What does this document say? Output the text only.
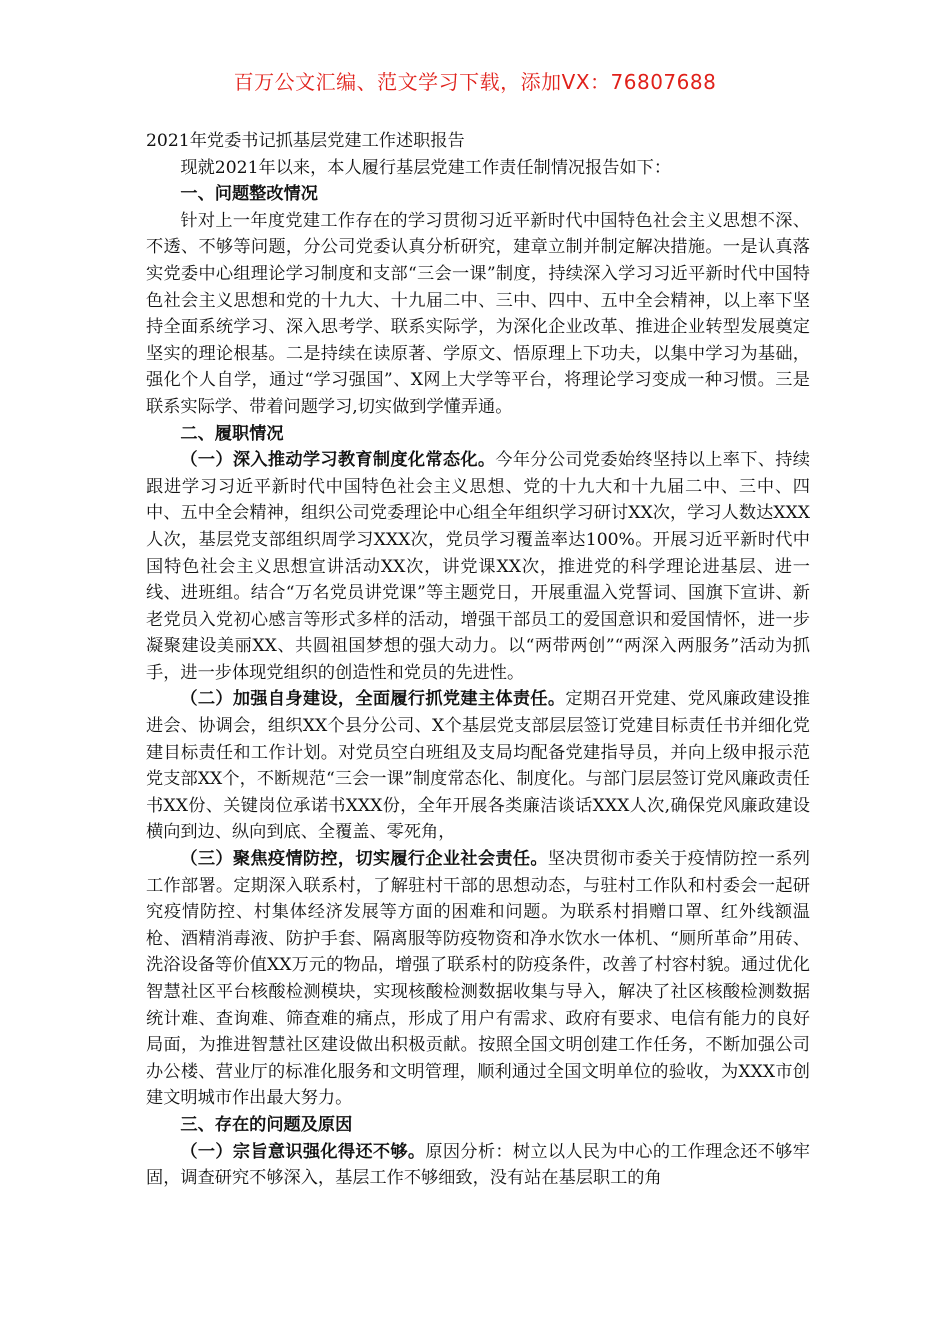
百万公文汇编、范文学习下载，添加VX：76807688

2021年党委书记抓基层党建工作述职报告

现就2021年以来，本人履行基层党建工作责任制情况报告如下：

一、问题整改情况

针对上一年度党建工作存在的学习贯彻习近平新时代中国特色社会主义思想不深、不透、不够等问题，分公司党委认真分析研究，建章立制并制定解决措施。一是认真落实党委中心组理论学习制度和支部“三会一课”制度，持续深入学习习近平新时代中国特色社会主义思想和党的十九大、十九届二中、三中、四中、五中全会精神，以上率下坚持全面系统学习、深入思考学、联系实际学，为深化企业改革、推进企业转型发展奠定坚实的理论根基。二是持续在读原著、学原文、悟原理上下功夫，以集中学习为基础，强化个人自学，通过“学习强国”、X网上大学等平台，将理论学习变成一种习惯。三是联系实际学、带着问题学习,切实做到学懂弄通。

二、履职情况

（一）深入推动学习教育制度化常态化。今年分公司党委始终坚持以上率下、持续跟进学习习近平新时代中国特色社会主义思想、党的十九大和十九届二中、三中、四中、五中全会精神，组织公司党委理论中心组全年组织学习研讨XX次，学习人数达XXX人次，基层党支部组织周学习XXX次，党员学习覆盖率达100%。开展习近平新时代中国特色社会主义思想宣讲活动XX次，讲党课XX次，推进党的科学理论进基层、进一线、进班组。结合“万名党员讲党课”等主题党日，开展重温入党誓词、国旗下宣讲、新老党员入党初心感言等形式多样的活动，增强干部员工的爱国意识和爱国情怀，进一步凝聚建设美丽XX、共圆祖国梦想的强大动力。以“两带两创”“两深入两服务”活动为抓手，进一步体现党组织的创造性和党员的先进性。

（二）加强自身建设，全面履行抓党建主体责任。定期召开党建、党风廉政建设推进会、协调会，组织XX个县分公司、X个基层党支部层层签订党建目标责任书并细化党建目标责任和工作计划。对党员空白班组及支局均配备党建指导员，并向上级申报示范党支部XX个，不断规范“三会一课”制度常态化、制度化。与部门层层签订党风廉政责任书XX份、关键岗位承诺书XXX份，全年开展各类廉洁谈话XXX人次,确保党风廉政建设横向到边、纵向到底、全覆盖、零死角，

（三）聚焦疫情防控，切实履行企业社会责任。坚决贯彻市委关于疫情防控一系列工作部署。定期深入联系村，了解驻村干部的思想动态，与驻村工作队和村委会一起研究疫情防控、村集体经济发展等方面的困难和问题。为联系村捐赠口罩、红外线额温枪、酒精消毒液、防护手套、隔离服等防疫物资和净水饮水一体机、“厕所革命”用砖、洗浴设备等价值XX万元的物品，增强了联系村的防疫条件，改善了村容村貌。通过优化智慧社区平台核酸检测模块，实现核酸检测数据收集与导入，解决了社区核酸检测数据统计难、查询难、筛查难的痛点，形成了用户有需求、政府有要求、电信有能力的良好局面，为推进智慧社区建设做出积极贡献。按照全国文明创建工作任务，不断加强公司办公楼、营业厅的标准化服务和文明管理，顺利通过全国文明单位的验收，为XXX市创建文明城市作出最大努力。

三、存在的问题及原因

（一）宗旨意识强化得还不够。原因分析：树立以人民为中心的工作理念还不够牢固，调查研究不够深入，基层工作不够细致，没有站在基层职工的角
